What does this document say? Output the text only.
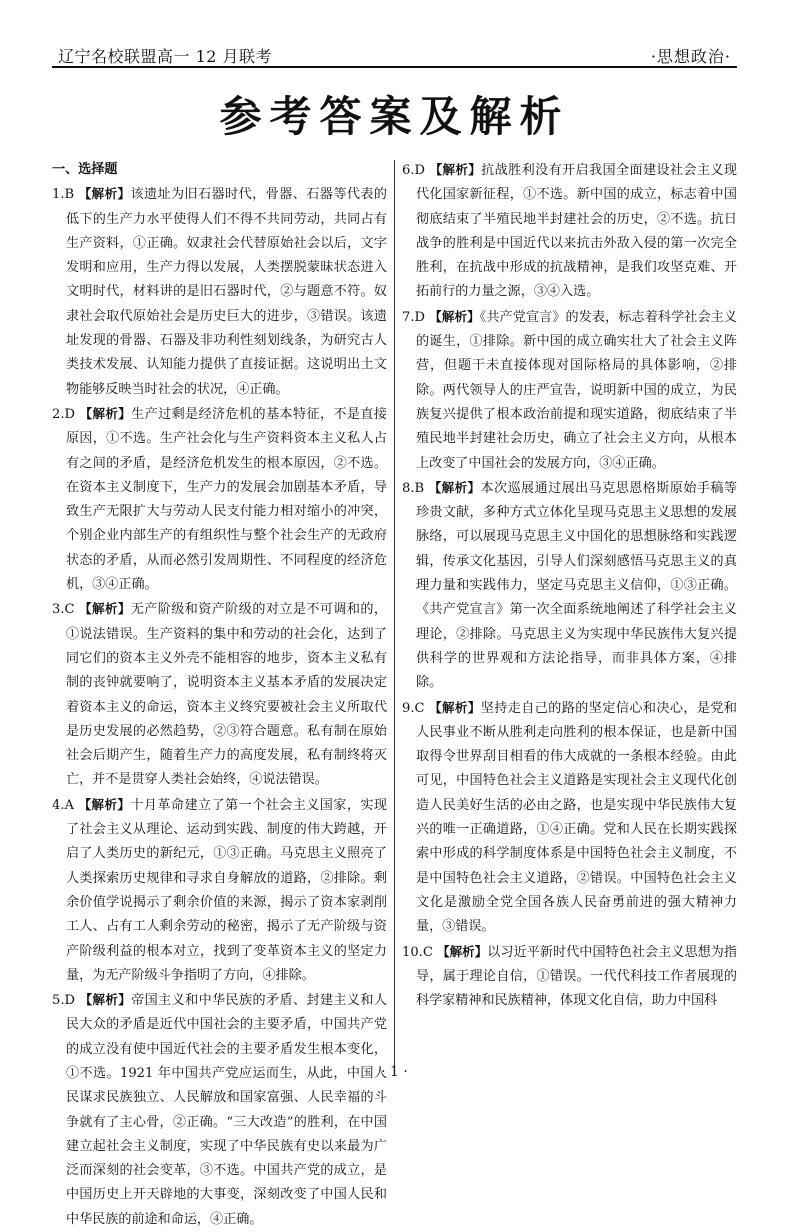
辽宁名校联盟高一 12 月联考	·思想政治·
参考答案及解析
一、选择题

1.B 【解析】该遗址为旧石器时代，骨器、石器等代表的低下的生产力水平使得人们不得不共同劳动，共同占有生产资料，①正确。奴隶社会代替原始社会以后，文字发明和应用，生产力得以发展，人类摆脱蒙昧状态进入文明时代，材料讲的是旧石器时代，②与题意不符。奴隶社会取代原始社会是历史巨大的进步，③错误。该遗址发现的骨器、石器及非功利性刻划线条，为研究古人类技术发展、认知能力提供了直接证据。这说明出土文物能够反映当时社会的状况，④正确。

2.D 【解析】生产过剩是经济危机的基本特征，不是直接原因，①不选。生产社会化与生产资料资本主义私人占有之间的矛盾，是经济危机发生的根本原因，②不选。在资本主义制度下，生产力的发展会加剧基本矛盾，导致生产无限扩大与劳动人民支付能力相对缩小的冲突，个别企业内部生产的有组织性与整个社会生产的无政府状态的矛盾，从而必然引发周期性、不同程度的经济危机，③④正确。

3.C 【解析】无产阶级和资产阶级的对立是不可调和的，①说法错误。生产资料的集中和劳动的社会化，达到了同它们的资本主义外壳不能相容的地步，资本主义私有制的丧钟就要响了，说明资本主义基本矛盾的发展决定着资本主义的命运，资本主义终究要被社会主义所取代是历史发展的必然趋势，②③符合题意。私有制在原始社会后期产生，随着生产力的高度发展，私有制终将灭亡，并不是贯穿人类社会始终，④说法错误。

4.A 【解析】十月革命建立了第一个社会主义国家，实现了社会主义从理论、运动到实践、制度的伟大跨越，开启了人类历史的新纪元，①③正确。马克思主义照亮了人类探索历史规律和寻求自身解放的道路，②排除。剩余价值学说揭示了剩余价值的来源，揭示了资本家剥削工人、占有工人剩余劳动的秘密，揭示了无产阶级与资产阶级利益的根本对立，找到了变革资本主义的坚定力量，为无产阶级斗争指明了方向，④排除。

5.D 【解析】帝国主义和中华民族的矛盾、封建主义和人民大众的矛盾是近代中国社会的主要矛盾，中国共产党的成立没有使中国近代社会的主要矛盾发生根本变化，①不选。1921 年中国共产党应运而生，从此，中国人民谋求民族独立、人民解放和国家富强、人民幸福的斗争就有了主心骨，②正确。“三大改造”的胜利，在中国建立起社会主义制度，实现了中华民族有史以来最为广泛而深刻的社会变革，③不选。中国共产党的成立，是中国历史上开天辟地的大事变，深刻改变了中国人民和中华民族的前途和命运，④正确。

6.D 【解析】抗战胜利没有开启我国全面建设社会主义现代化国家新征程，①不选。新中国的成立，标志着中国彻底结束了半殖民地半封建社会的历史，②不选。抗日战争的胜利是中国近代以来抗击外敌入侵的第一次完全胜利，在抗战中形成的抗战精神，是我们攻坚克难、开拓前行的力量之源，③④入选。

7.D 【解析】《共产党宣言》的发表，标志着科学社会主义的诞生，①排除。新中国的成立确实壮大了社会主义阵营，但题干未直接体现对国际格局的具体影响，②排除。两代领导人的庄严宣告，说明新中国的成立，为民族复兴提供了根本政治前提和现实道路，彻底结束了半殖民地半封建社会历史，确立了社会主义方向，从根本上改变了中国社会的发展方向，③④正确。

8.B 【解析】本次巡展通过展出马克思恩格斯原始手稿等珍贵文献，多种方式立体化呈现马克思主义思想的发展脉络，可以展现马克思主义中国化的思想脉络和实践逻辑，传承文化基因，引导人们深刻感悟马克思主义的真理力量和实践伟力，坚定马克思主义信仰，①③正确。《共产党宣言》第一次全面系统地阐述了科学社会主义理论，②排除。马克思主义为实现中华民族伟大复兴提供科学的世界观和方法论指导，而非具体方案，④排除。

9.C 【解析】坚持走自己的路的坚定信心和决心，是党和人民事业不断从胜利走向胜利的根本保证，也是新中国取得令世界刮目相看的伟大成就的一条根本经验。由此可见，中国特色社会主义道路是实现社会主义现代化创造人民美好生活的必由之路，也是实现中华民族伟大复兴的唯一正确道路，①④正确。党和人民在长期实践探索中形成的科学制度体系是中国特色社会主义制度，不是中国特色社会主义道路，②错误。中国特色社会主义文化是激励全党全国各族人民奋勇前进的强大精神力量，③错误。

10.C 【解析】以习近平新时代中国特色社会主义思想为指导，属于理论自信，①错误。一代代科技工作者展现的科学家精神和民族精神，体现文化自信，助力中国科

· 1 ·
